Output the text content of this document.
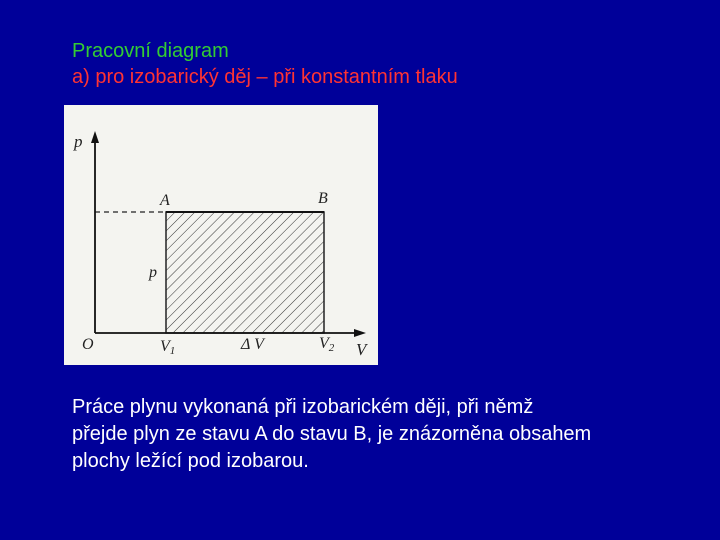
Pracovní diagram
a) pro izobarický děj – při konstantním tlaku
p
V
O
A	B
p
V1	Δ V	V2
Práce plynu vykonaná při izobarickém ději, při němž
přejde plyn ze stavu A do stavu B, je znázorněna obsahem
plochy ležící pod izobarou.
